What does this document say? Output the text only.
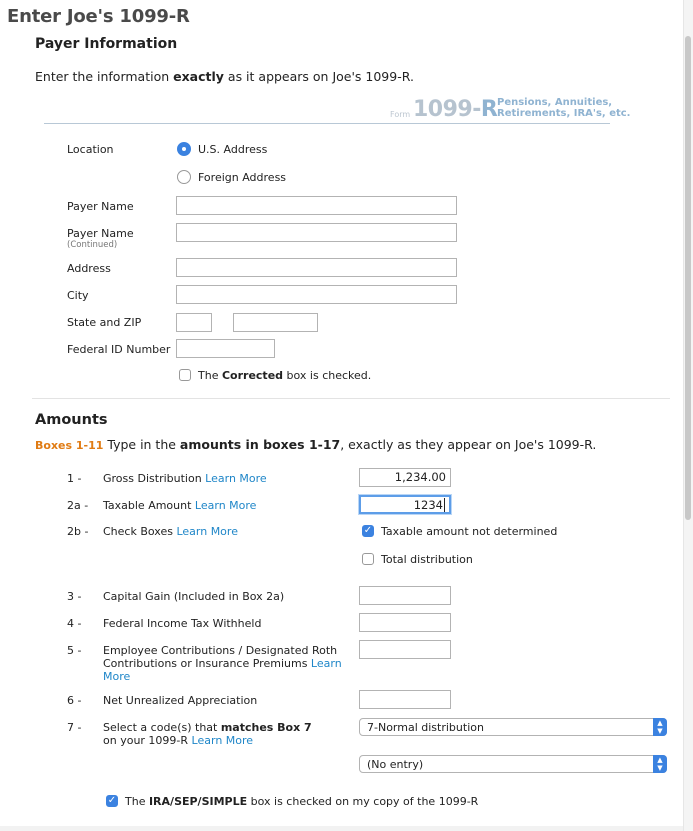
Enter Joe's 1099-R
Payer Information
Enter the information exactly as it appears on Joe's 1099-R.
Form 1099-R Pensions, Annuities,
Retirements, IRA's, etc.
Location	U.S. Address
Foreign Address
Payer Name
Payer Name
(Continued)
Address
City
State and ZIP
Federal ID Number
The Corrected box is checked.
Amounts
Boxes 1-11 Type in the amounts in boxes 1-17, exactly as they appear on Joe's 1099-R.
1 - Gross Distribution Learn More	1,234.00
2a - Taxable Amount Learn More	1234
2b - Check Boxes Learn More	✓ Taxable amount not determined
Total distribution
3 - Capital Gain (Included in Box 2a)
4 - Federal Income Tax Withheld
5 - Employee Contributions / Designated Roth
Contributions or Insurance Premiums Learn
More
6 - Net Unrealized Appreciation
7 - Select a code(s) that matches Box 7
on your 1099-R Learn More
7-Normal distribution	▲
▼
(No entry)	▲
▼
✓ The IRA/SEP/SIMPLE box is checked on my copy of the 1099-R
